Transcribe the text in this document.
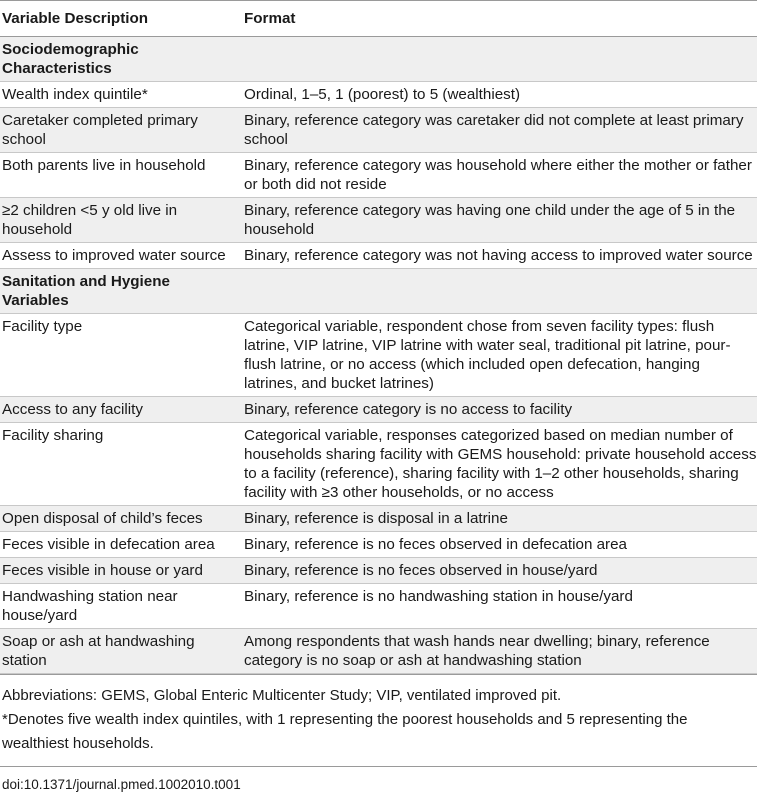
Variable Description	Format
Sociodemographic Characteristics	
Wealth index quintile*	Ordinal, 1–5, 1 (poorest) to 5 (wealthiest)
Caretaker completed primary school	Binary, reference category was caretaker did not complete at least primary school
Both parents live in household	Binary, reference category was household where either the mother or father or both did not reside
≥2 children <5 y old live in household	Binary, reference category was having one child under the age of 5 in the household
Assess to improved water source	Binary, reference category was not having access to improved water source
Sanitation and Hygiene Variables	
Facility type	Categorical variable, respondent chose from seven facility types: flush latrine, VIP latrine, VIP latrine with water seal, traditional pit latrine, pour-flush latrine, or no access (which included open defecation, hanging latrines, and bucket latrines)
Access to any facility	Binary, reference category is no access to facility
Facility sharing	Categorical variable, responses categorized based on median number of households sharing facility with GEMS household: private household access to a facility (reference), sharing facility with 1–2 other households, sharing facility with ≥3 other households, or no access
Open disposal of child’s feces	Binary, reference is disposal in a latrine
Feces visible in defecation area	Binary, reference is no feces observed in defecation area
Feces visible in house or yard	Binary, reference is no feces observed in house/yard
Handwashing station near house/yard	Binary, reference is no handwashing station in house/yard
Soap or ash at handwashing station	Among respondents that wash hands near dwelling; binary, reference category is no soap or ash at handwashing station

Abbreviations: GEMS, Global Enteric Multicenter Study; VIP, ventilated improved pit.

*Denotes five wealth index quintiles, with 1 representing the poorest households and 5 representing the wealthiest households.

doi:10.1371/journal.pmed.1002010.t001
